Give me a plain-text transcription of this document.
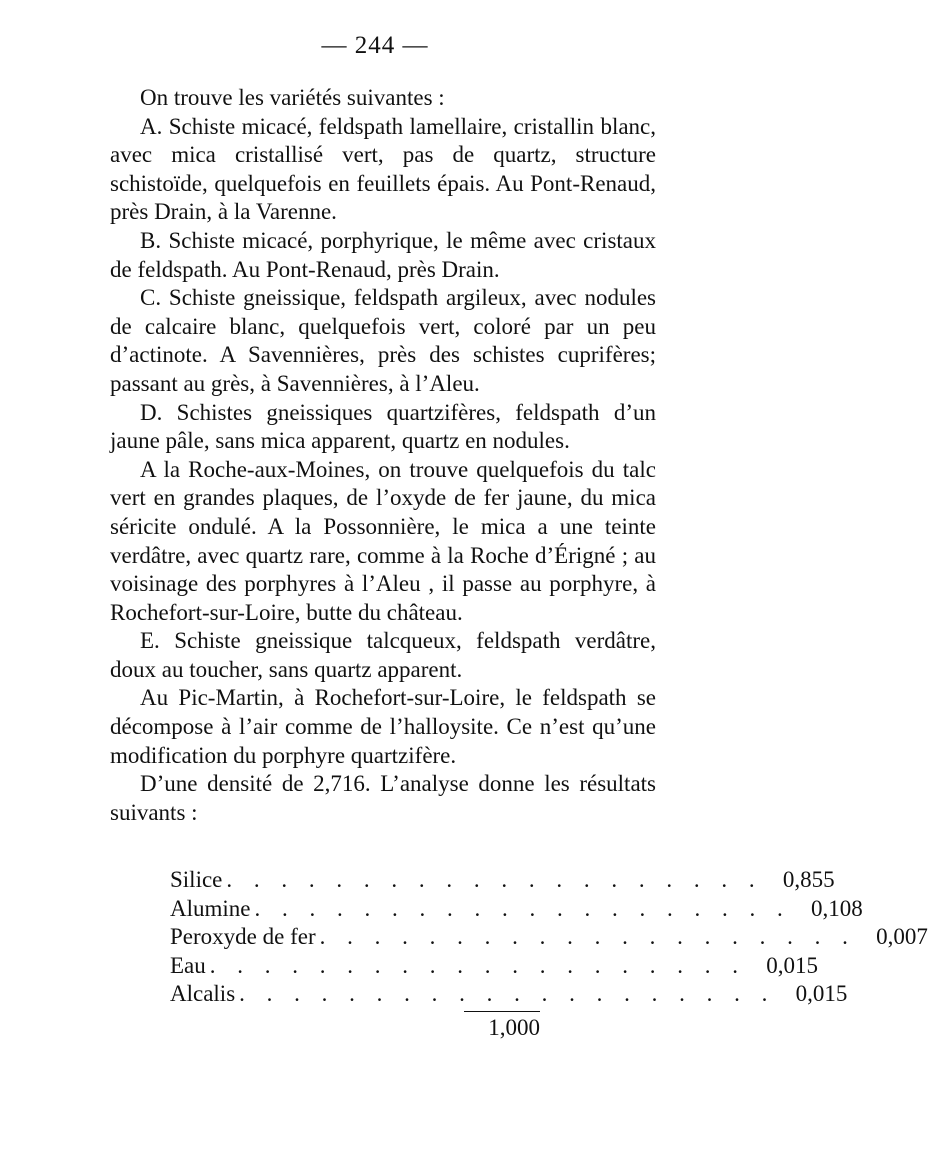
— 244 —

On trouve les variétés suivantes :

A. Schiste micacé, feldspath lamellaire, cristallin blanc, avec mica cristallisé vert, pas de quartz, structure schistoïde, quelquefois en feuillets épais. Au Pont-Renaud, près Drain, à la Varenne.

B. Schiste micacé, porphyrique, le même avec cristaux de feldspath. Au Pont-Renaud, près Drain.

C. Schiste gneissique, feldspath argileux, avec nodules de calcaire blanc, quelquefois vert, coloré par un peu d’actinote. A Savennières, près des schistes cuprifères; passant au grès, à Savennières, à l’Aleu.

D. Schistes gneissiques quartzifères, feldspath d’un jaune pâle, sans mica apparent, quartz en nodules.

A la Roche-aux-Moines, on trouve quelquefois du talc vert en grandes plaques, de l’oxyde de fer jaune, du mica séricite ondulé. A la Possonnière, le mica a une teinte verdâtre, avec quartz rare, comme à la Roche d’Érigné ; au voisinage des porphyres à l’Aleu , il passe au porphyre, à Rochefort-sur-Loire, butte du château.

E. Schiste gneissique talcqueux, feldspath verdâtre, doux au toucher, sans quartz apparent.

Au Pic-Martin, à Rochefort-sur-Loire, le feldspath se décompose à l’air comme de l’halloysite. Ce n’est qu’une modification du porphyre quartzifère.

D’une densité de 2,716. L’analyse donne les résultats suivants :

Silice . . . . . . . . . . . . . . . . . . . . 0,855
Alumine . . . . . . . . . . . . . . . . . . . . 0,108
Peroxyde de fer . . . . . . . . . . . . . . . . . . . . 0,007
Eau . . . . . . . . . . . . . . . . . . . . 0,015
Alcalis . . . . . . . . . . . . . . . . . . . . 0,015
1,000
